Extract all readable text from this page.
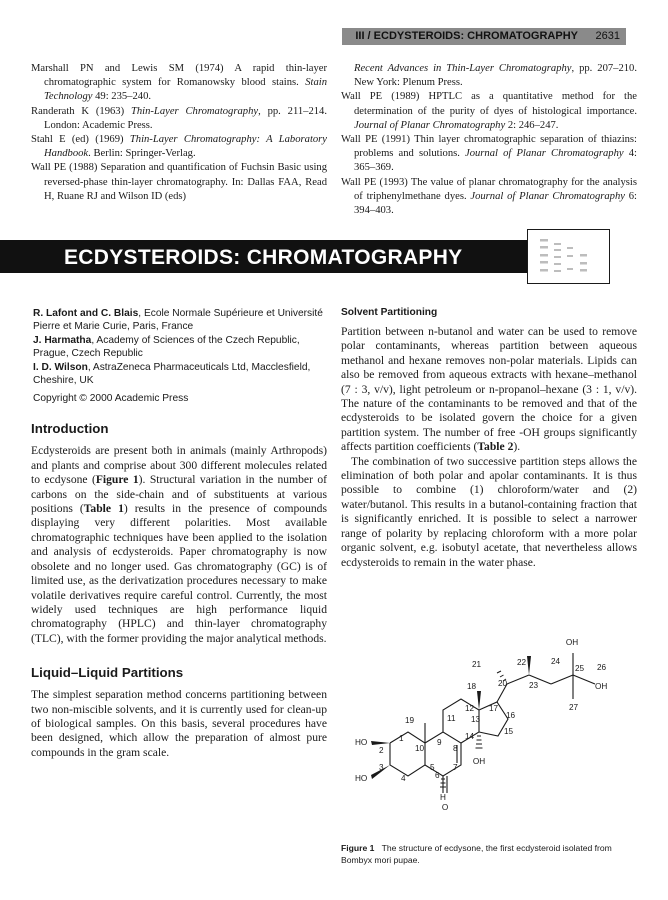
III / ECDYSTEROIDS: CHROMATOGRAPHY 2631
Marshall PN and Lewis SM (1974) A rapid thin-layer chromatographic system for Romanowsky blood stains. Stain Technology 49: 235–240.
Randerath K (1963) Thin-Layer Chromatography, pp. 211–214. London: Academic Press.
Stahl E (ed) (1969) Thin-Layer Chromatography: A Laboratory Handbook. Berlin: Springer-Verlag.
Wall PE (1988) Separation and quantification of Fuchsin Basic using reversed-phase thin-layer chromatography. In: Dallas FAA, Read H, Ruane RJ and Wilson ID (eds)
Recent Advances in Thin-Layer Chromatography, pp. 207–210. New York: Plenum Press.
Wall PE (1989) HPTLC as a quantitative method for the determination of the purity of dyes of histological importance. Journal of Planar Chromatography 2: 246–247.
Wall PE (1991) Thin layer chromatographic separation of thiazins: problems and solutions. Journal of Planar Chromatography 4: 365–369.
Wall PE (1993) The value of planar chromatography for the analysis of triphenylmethane dyes. Journal of Planar Chromatography 6: 394–403.
ECDYSTEROIDS: CHROMATOGRAPHY
R. Lafont and C. Blais, Ecole Normale Supérieure et Université Pierre et Marie Curie, Paris, France
J. Harmatha, Academy of Sciences of the Czech Republic, Prague, Czech Republic
I. D. Wilson, AstraZeneca Pharmaceuticals Ltd, Macclesfield, Cheshire, UK
Copyright © 2000 Academic Press
Introduction

Ecdysteroids are present both in animals (mainly Arthropods) and plants and comprise about 300 different molecules related to ecdysone (Figure 1). Structural variation in the number of carbons on the side-chain and of substituents at various positions (Table 1) results in the presence of compounds displaying very different polarities. Most available chromatographic techniques have been applied to the isolation and analysis of ecdysteroids. Paper chromatography is now obsolete and no longer used. Gas chromatography (GC) is of limited use, as the derivatization procedures necessary to make volatile derivatives require careful control. Currently, the most widely used techniques are high performance liquid chromatography (HPLC) and thin-layer chromatography (TLC), with the former providing the major analytical methods.

Liquid–Liquid Partitions

The simplest separation method concerns partitioning between two non-miscible solvents, and it is currently used for clean-up of biological samples. On this basis, several procedures have been designed, which allow the preparation of almost pure compounds in the gram scale.

Solvent Partitioning

Partition between n-butanol and water can be used to remove polar contaminants, whereas partition between aqueous methanol and hexane removes non-polar materials. Lipids can also be removed from aqueous extracts with hexane–methanol (7 : 3, v/v), light petroleum or n-propanol–hexane (3 : 1, v/v). The nature of the contaminants to be removed and that of the ecdysteroids to be isolated govern the choice for a given partition system. The number of free -OH groups significantly affects partition coefficients (Table 2).

The combination of two successive partition steps allows the elimination of both polar and apolar contaminants. It is thus possible to combine (1) chloroform/water and (2) water/butanol. This results in a butanol-containing fraction that is significantly enriched. It is possible to select a narrower range of polarity by replacing chloroform with a more polar organic solvent, e.g. isobutyl acetate, that nevertheless allows ecdysteroids to remain in the water phase.

OH
OH
OH
HO
HO
H
O
1
2
3
4
5
6
7
8
9
10
11
12
13
14
15
16
17
18
19
20
21	22
23
24
25 26
27
Figure 1 The structure of ecdysone, the first ecdysteroid isolated from Bombyx mori pupae.
